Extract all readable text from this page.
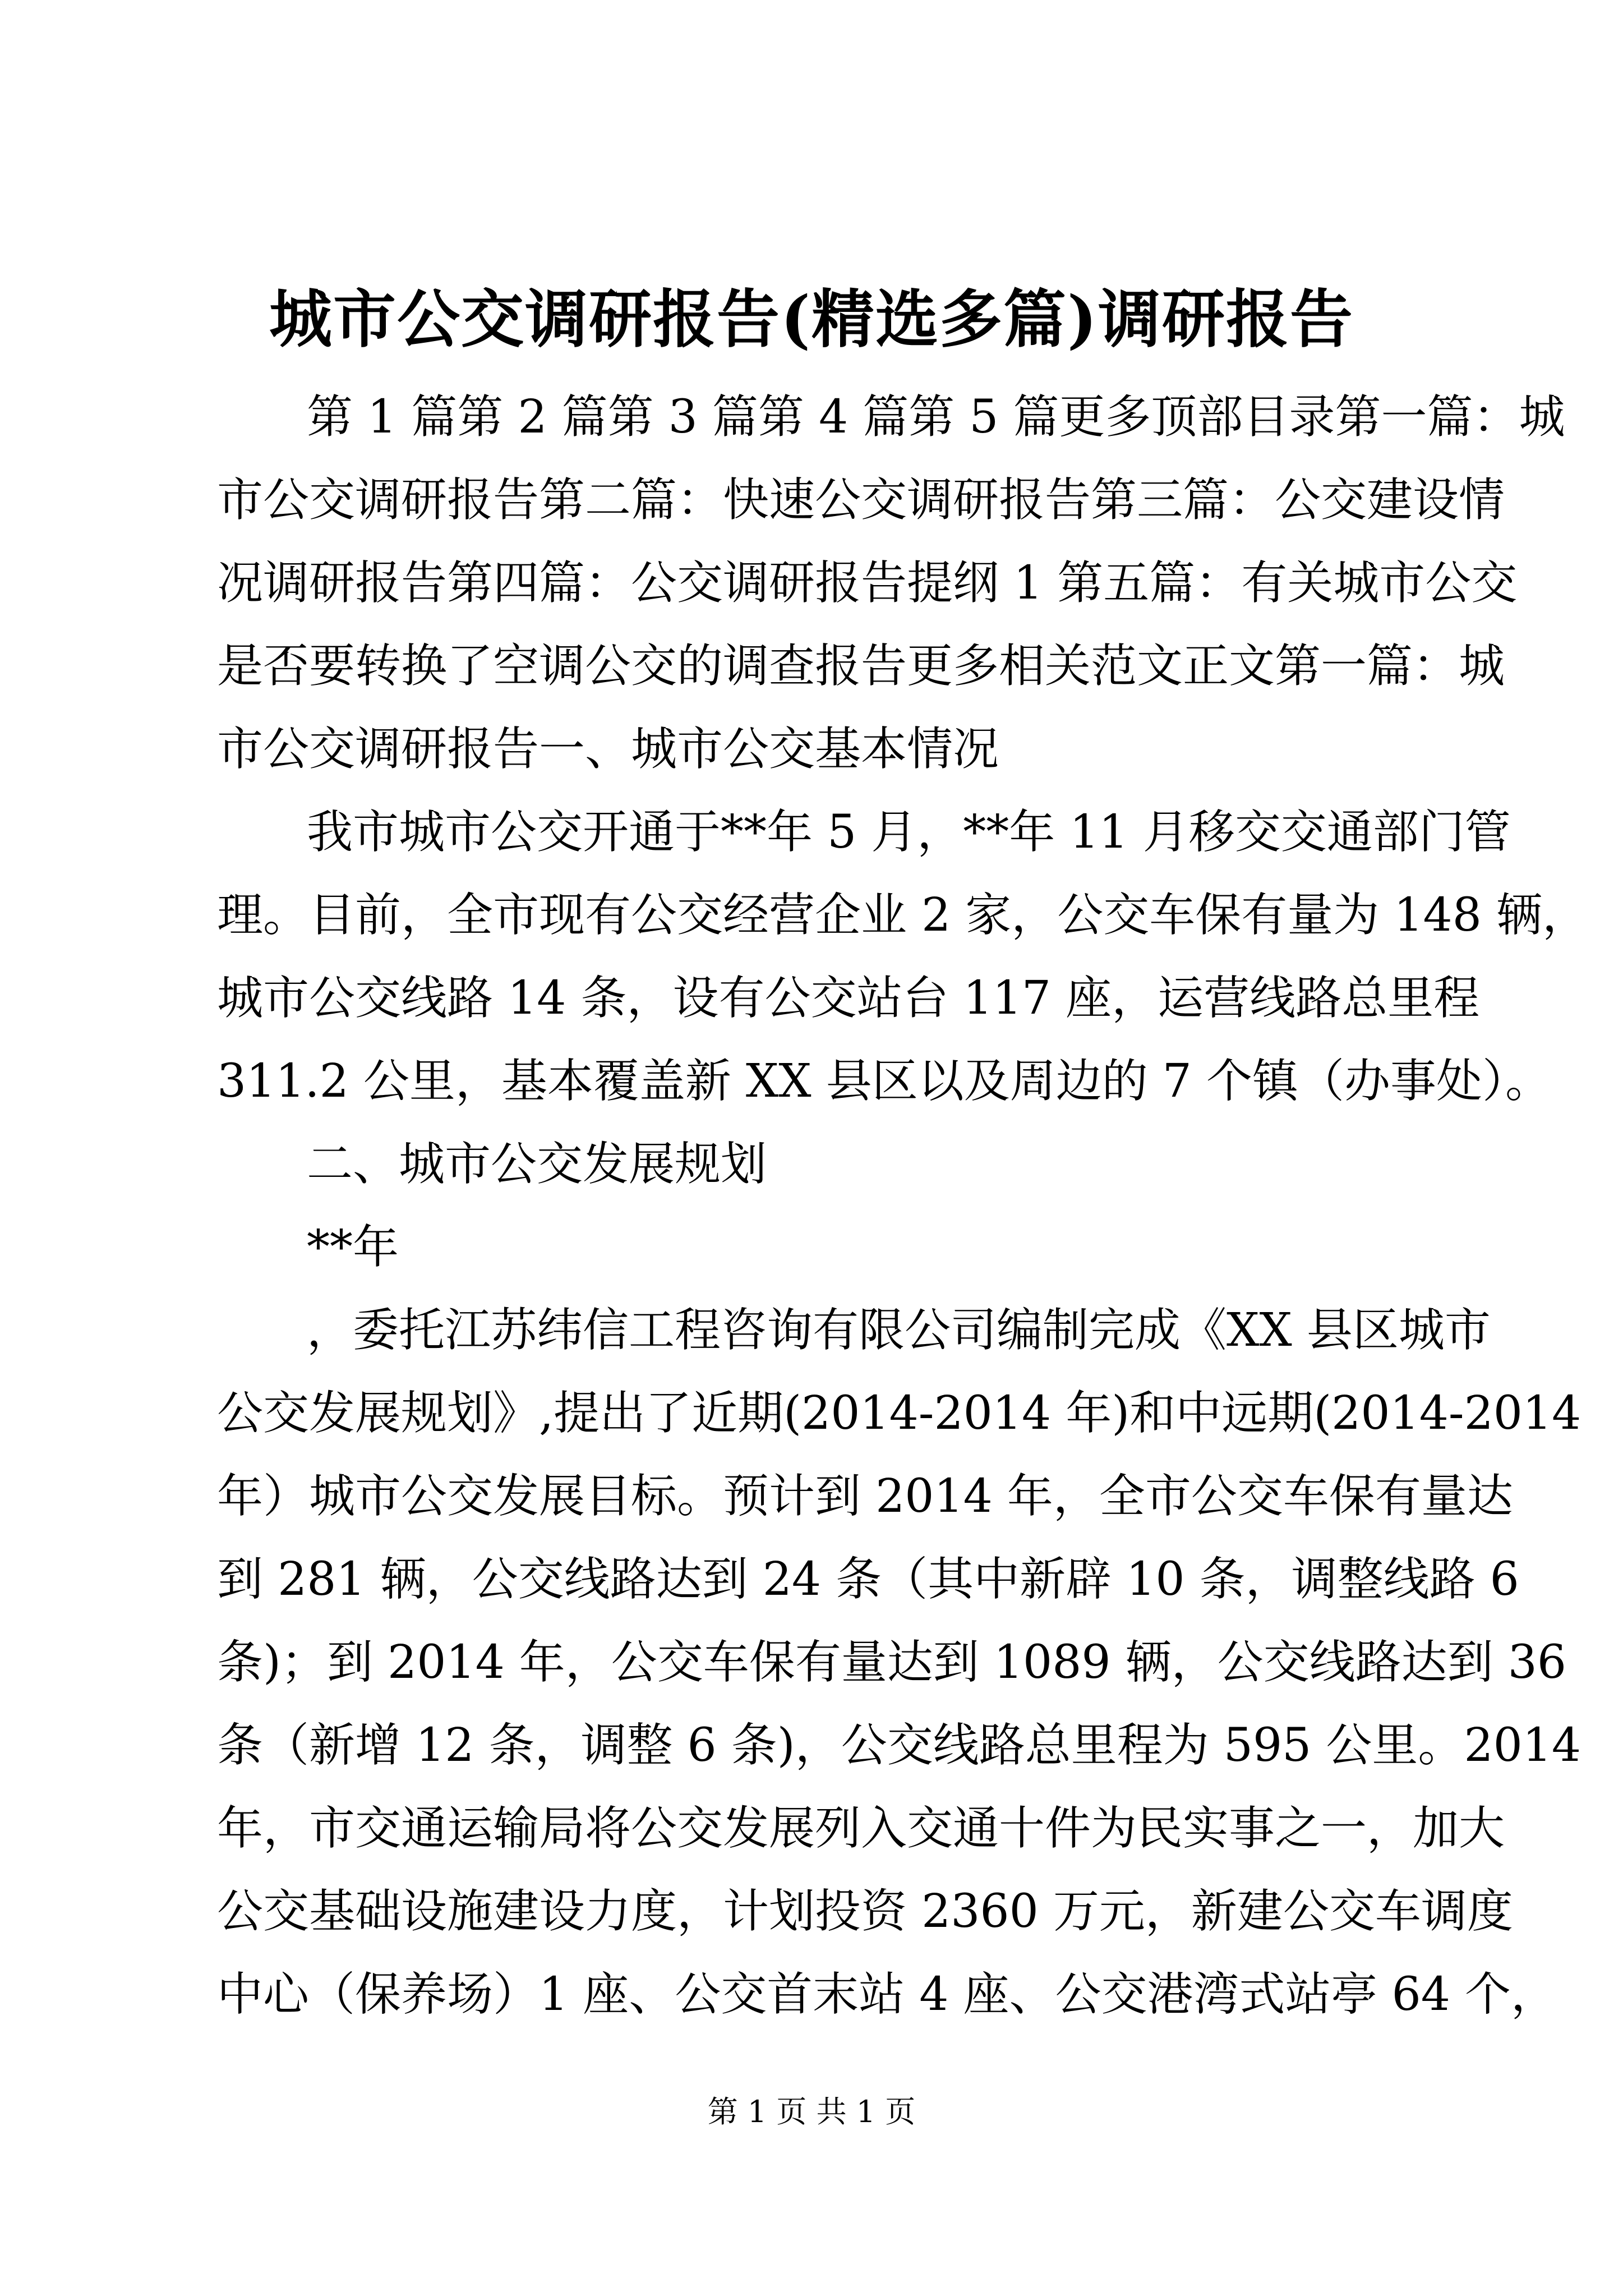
城市公交调研报告(精选多篇)调研报告
第 1 篇第 2 篇第 3 篇第 4 篇第 5 篇更多顶部目录第一篇：城
市公交调研报告第二篇：快速公交调研报告第三篇：公交建设情
况调研报告第四篇：公交调研报告提纲 1 第五篇：有关城市公交
是否要转换了空调公交的调查报告更多相关范文正文第一篇：城
市公交调研报告一、城市公交基本情况
我市城市公交开通于**年 5 月，**年 11 月移交交通部门管
理。目前，全市现有公交经营企业 2 家，公交车保有量为 148 辆，
城市公交线路 14 条，设有公交站台 117 座，运营线路总里程
311.2 公里，基本覆盖新 XX 县区以及周边的 7 个镇（办事处）。
二、城市公交发展规划
**年
，委托江苏纬信工程咨询有限公司编制完成《XX 县区城市
公交发展规划》,提出了近期(2014-2014 年)和中远期(2014-2014
年）城市公交发展目标。预计到 2014 年，全市公交车保有量达
到 281 辆，公交线路达到 24 条（其中新辟 10 条，调整线路 6
条)；到 2014 年，公交车保有量达到 1089 辆，公交线路达到 36
条（新增 12 条，调整 6 条)，公交线路总里程为 595 公里。2014
年，市交通运输局将公交发展列入交通十件为民实事之一，加大
公交基础设施建设力度，计划投资 2360 万元，新建公交车调度
中心（保养场）1 座、公交首末站 4 座、公交港湾式站亭 64 个，
第 1 页 共 1 页
